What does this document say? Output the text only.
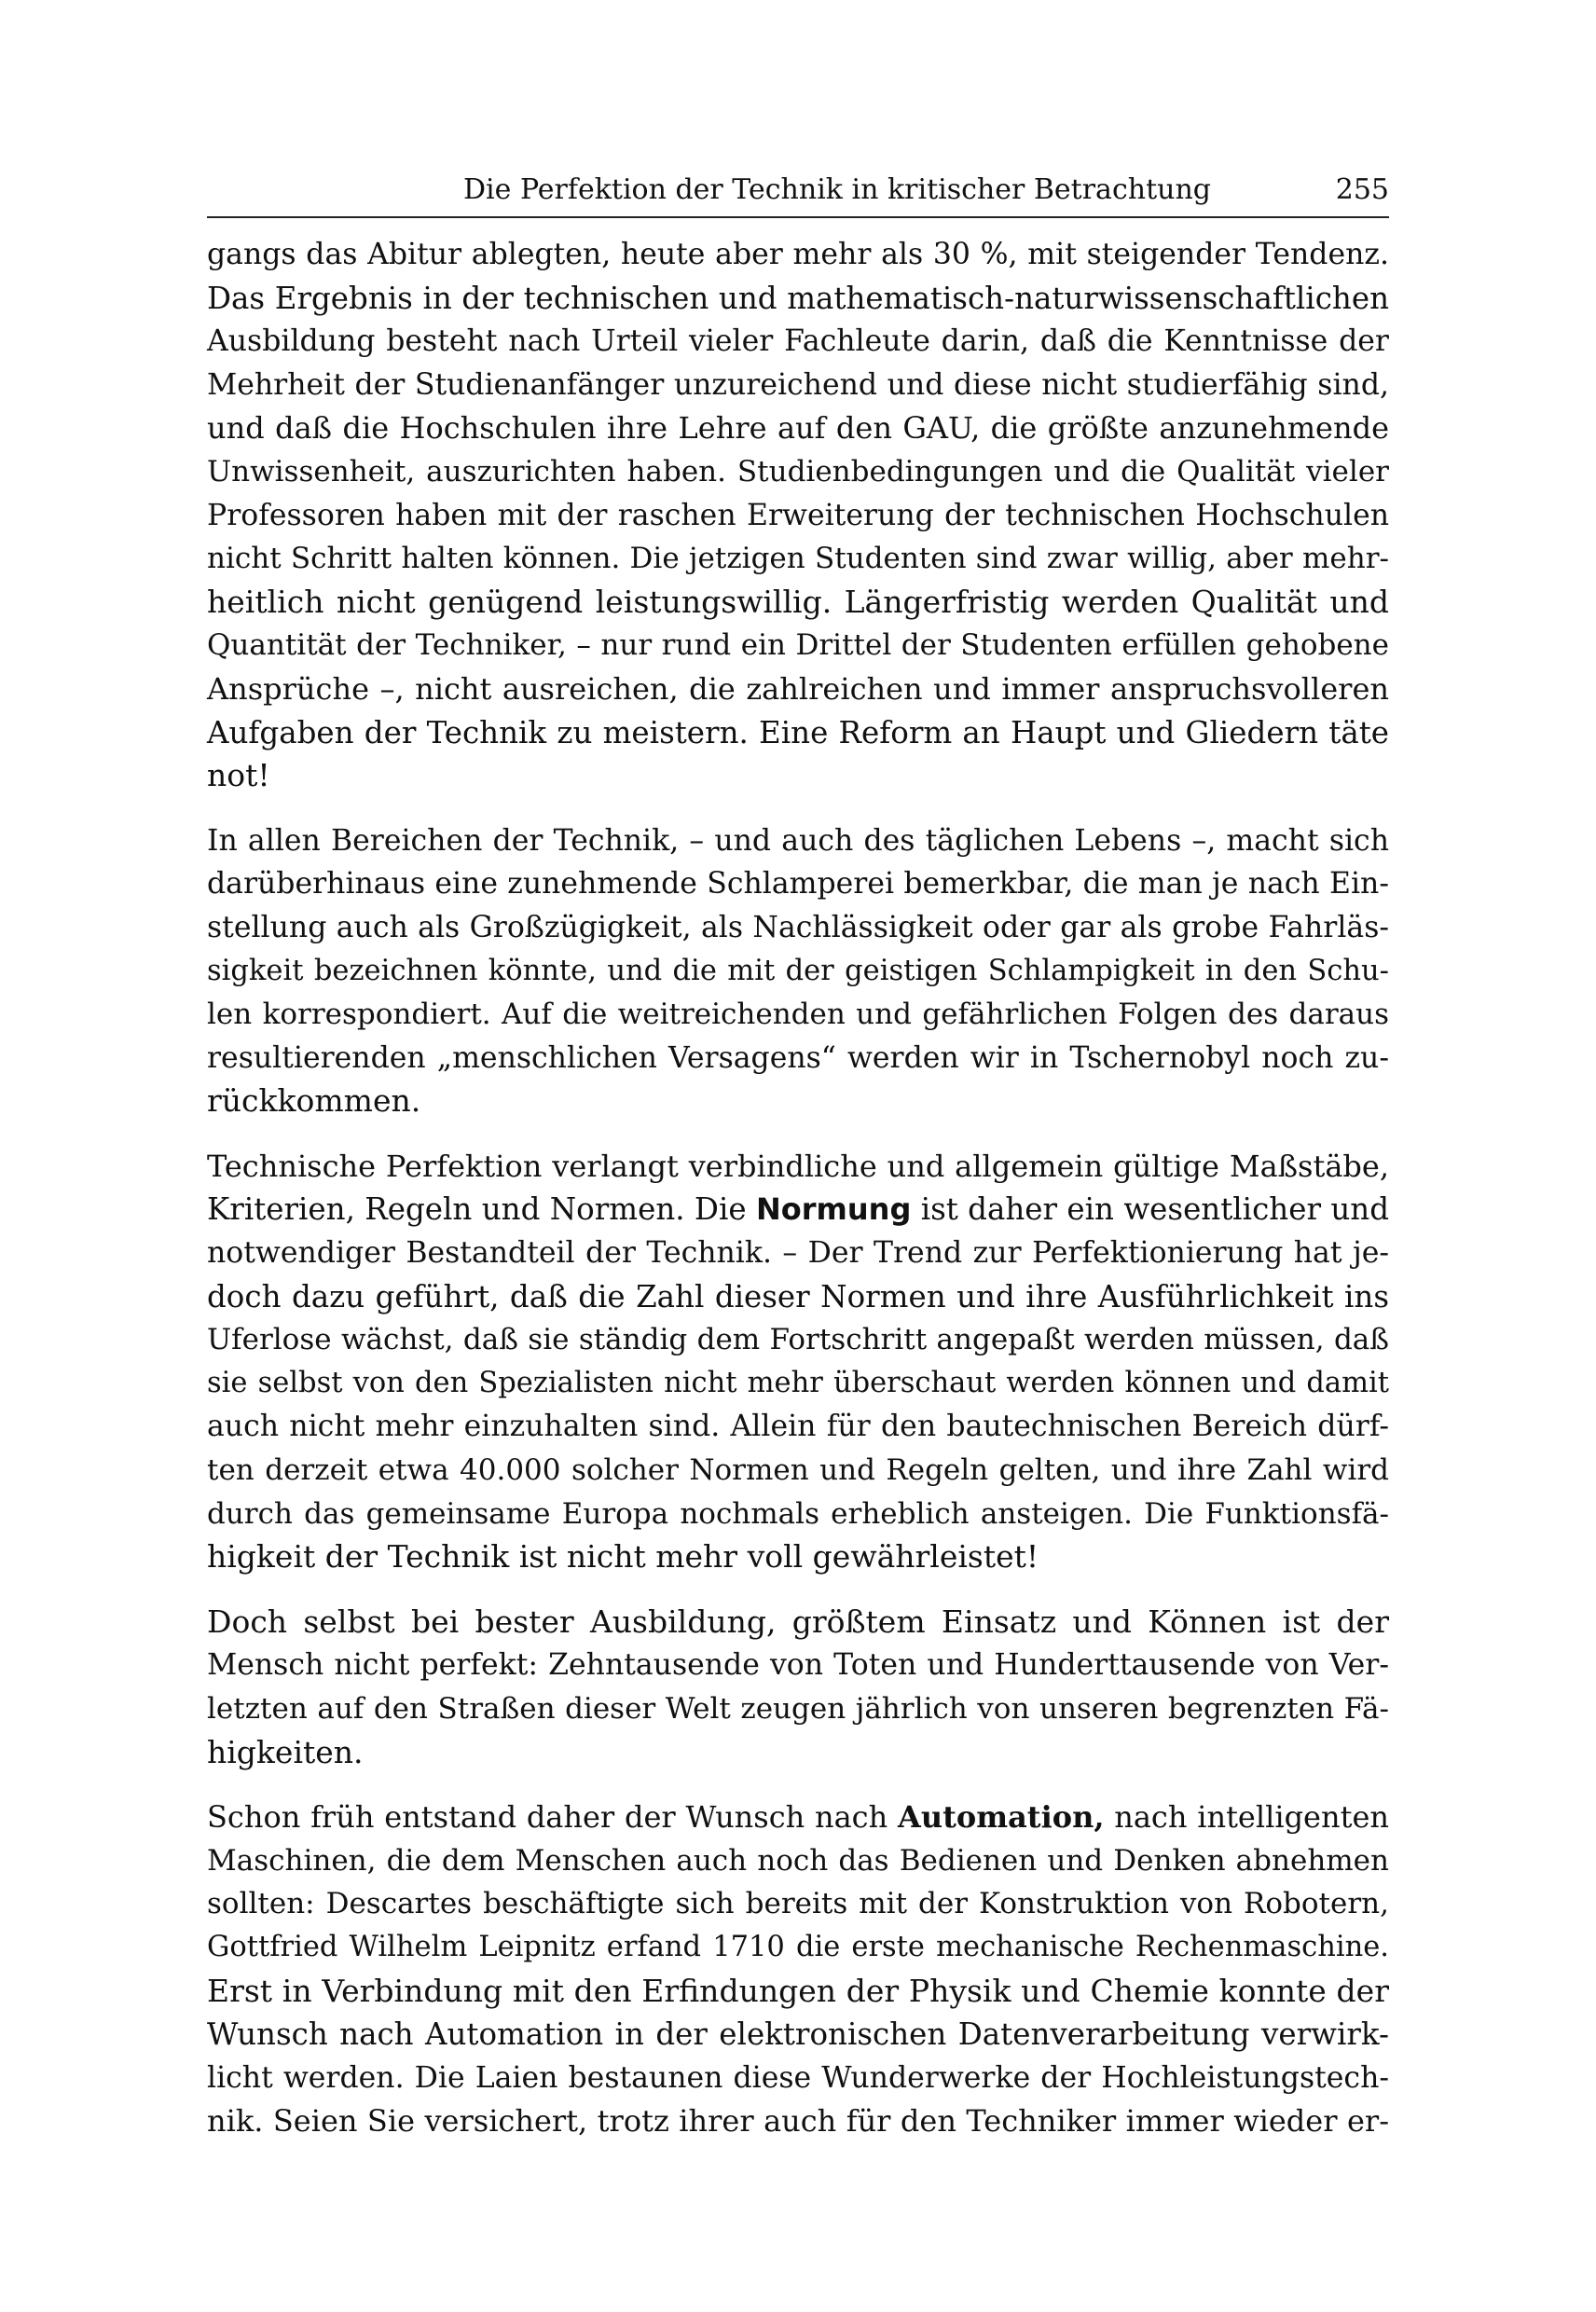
Die Perfektion der Technik in kritischer Betrachtung	255
gangs das Abitur ablegten, heute aber mehr als 30 %, mit steigender Tendenz.
Das Ergebnis in der technischen und mathematisch-naturwissenschaftlichen
Ausbildung besteht nach Urteil vieler Fachleute darin, daß die Kenntnisse der
Mehrheit der Studienanfänger unzureichend und diese nicht studierfähig sind,
und daß die Hochschulen ihre Lehre auf den GAU, die größte anzunehmende
Unwissenheit, auszurichten haben. Studienbedingungen und die Qualität vieler
Professoren haben mit der raschen Erweiterung der technischen Hochschulen
nicht Schritt halten können. Die jetzigen Studenten sind zwar willig, aber mehr-
heitlich nicht genügend leistungswillig. Längerfristig werden Qualität und
Quantität der Techniker, – nur rund ein Drittel der Studenten erfüllen gehobene
Ansprüche –, nicht ausreichen, die zahlreichen und immer anspruchsvolleren
Aufgaben der Technik zu meistern. Eine Reform an Haupt und Gliedern täte
not!
In allen Bereichen der Technik, – und auch des täglichen Lebens –, macht sich
darüberhinaus eine zunehmende Schlamperei bemerkbar, die man je nach Ein-
stellung auch als Großzügigkeit, als Nachlässigkeit oder gar als grobe Fahrläs-
sigkeit bezeichnen könnte, und die mit der geistigen Schlampigkeit in den Schu-
len korrespondiert. Auf die weitreichenden und gefährlichen Folgen des daraus
resultierenden „menschlichen Versagens“ werden wir in Tschernobyl noch zu-
rückkommen.
Technische Perfektion verlangt verbindliche und allgemein gültige Maßstäbe,
Kriterien, Regeln und Normen. Die Normung ist daher ein wesentlicher und
notwendiger Bestandteil der Technik. – Der Trend zur Perfektionierung hat je-
doch dazu geführt, daß die Zahl dieser Normen und ihre Ausführlichkeit ins
Uferlose wächst, daß sie ständig dem Fortschritt angepaßt werden müssen, daß
sie selbst von den Spezialisten nicht mehr überschaut werden können und damit
auch nicht mehr einzuhalten sind. Allein für den bautechnischen Bereich dürf-
ten derzeit etwa 40.000 solcher Normen und Regeln gelten, und ihre Zahl wird
durch das gemeinsame Europa nochmals erheblich ansteigen. Die Funktionsfä-
higkeit der Technik ist nicht mehr voll gewährleistet!
Doch selbst bei bester Ausbildung, größtem Einsatz und Können ist der
Mensch nicht perfekt: Zehntausende von Toten und Hunderttausende von Ver-
letzten auf den Straßen dieser Welt zeugen jährlich von unseren begrenzten Fä-
higkeiten.
Schon früh entstand daher der Wunsch nach Automation, nach intelligenten
Maschinen, die dem Menschen auch noch das Bedienen und Denken abnehmen
sollten: Descartes beschäftigte sich bereits mit der Konstruktion von Robotern,
Gottfried Wilhelm Leipnitz erfand 1710 die erste mechanische Rechenmaschine.
Erst in Verbindung mit den Erfindungen der Physik und Chemie konnte der
Wunsch nach Automation in der elektronischen Datenverarbeitung verwirk-
licht werden. Die Laien bestaunen diese Wunderwerke der Hochleistungstech-
nik. Seien Sie versichert, trotz ihrer auch für den Techniker immer wieder er-
